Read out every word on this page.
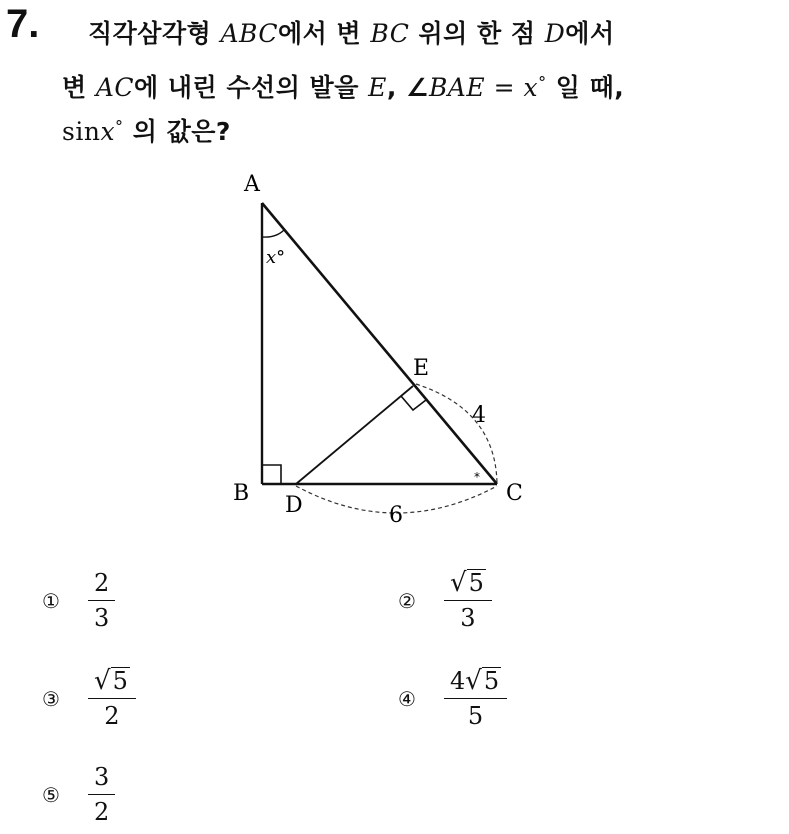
7. 직각삼각형 ABC에서 변 BC 위의 한 점 D에서
변 AC에 내린 수선의 발을 E, ∠BAE = x° 일 때,
sinx° 의 값은?
*
A
B	C
D
E
x°
4
6
①	$\frac{2}{3}$	②	$\frac{√ 5}{3}$
③	$\frac{√ 5}{2}$	④	$\frac{4 √ 5}{5}$
⑤	$\frac{3}{2}$
